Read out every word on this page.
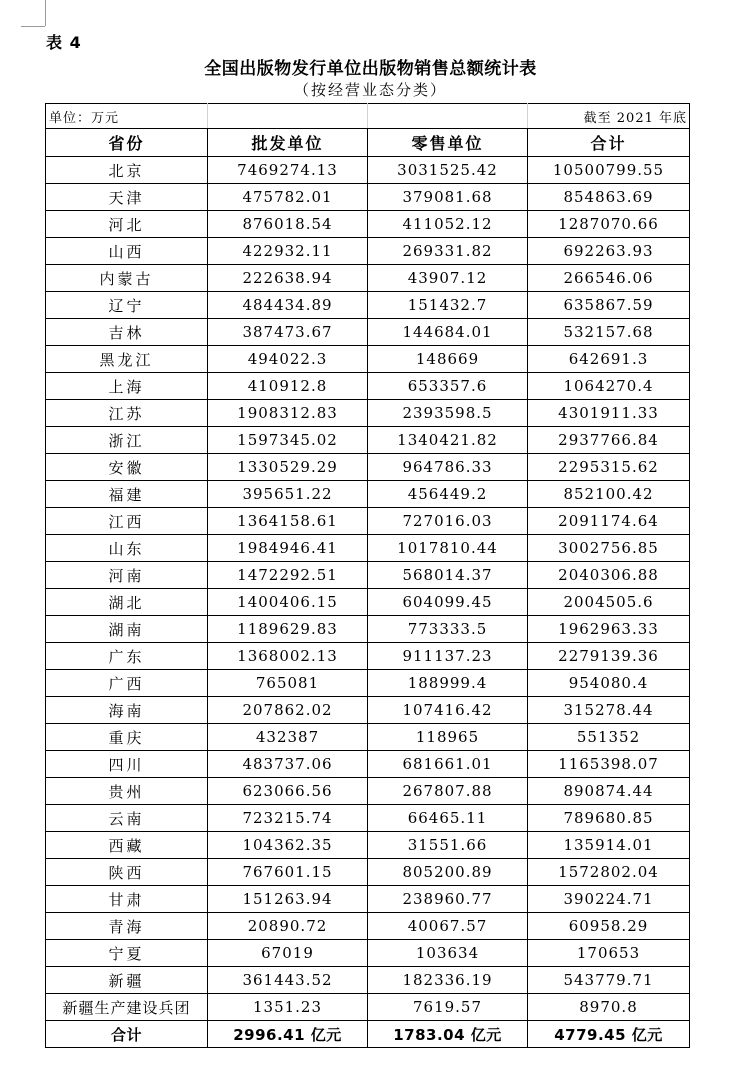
表 4
全国出版物发行单位出版物销售总额统计表
（按经营业态分类）
单位：万元			截至 2021 年底
省份	批发单位	零售单位	合计
北京	7469274.13	3031525.42	10500799.55
天津	475782.01	379081.68	854863.69
河北	876018.54	411052.12	1287070.66
山西	422932.11	269331.82	692263.93
内蒙古	222638.94	43907.12	266546.06
辽宁	484434.89	151432.7	635867.59
吉林	387473.67	144684.01	532157.68
黑龙江	494022.3	148669	642691.3
上海	410912.8	653357.6	1064270.4
江苏	1908312.83	2393598.5	4301911.33
浙江	1597345.02	1340421.82	2937766.84
安徽	1330529.29	964786.33	2295315.62
福建	395651.22	456449.2	852100.42
江西	1364158.61	727016.03	2091174.64
山东	1984946.41	1017810.44	3002756.85
河南	1472292.51	568014.37	2040306.88
湖北	1400406.15	604099.45	2004505.6
湖南	1189629.83	773333.5	1962963.33
广东	1368002.13	911137.23	2279139.36
广西	765081	188999.4	954080.4
海南	207862.02	107416.42	315278.44
重庆	432387	118965	551352
四川	483737.06	681661.01	1165398.07
贵州	623066.56	267807.88	890874.44
云南	723215.74	66465.11	789680.85
西藏	104362.35	31551.66	135914.01
陕西	767601.15	805200.89	1572802.04
甘肃	151263.94	238960.77	390224.71
青海	20890.72	40067.57	60958.29
宁夏	67019	103634	170653
新疆	361443.52	182336.19	543779.71
新疆生产建设兵团	1351.23	7619.57	8970.8
合计	2996.41 亿元	1783.04 亿元	4779.45 亿元
